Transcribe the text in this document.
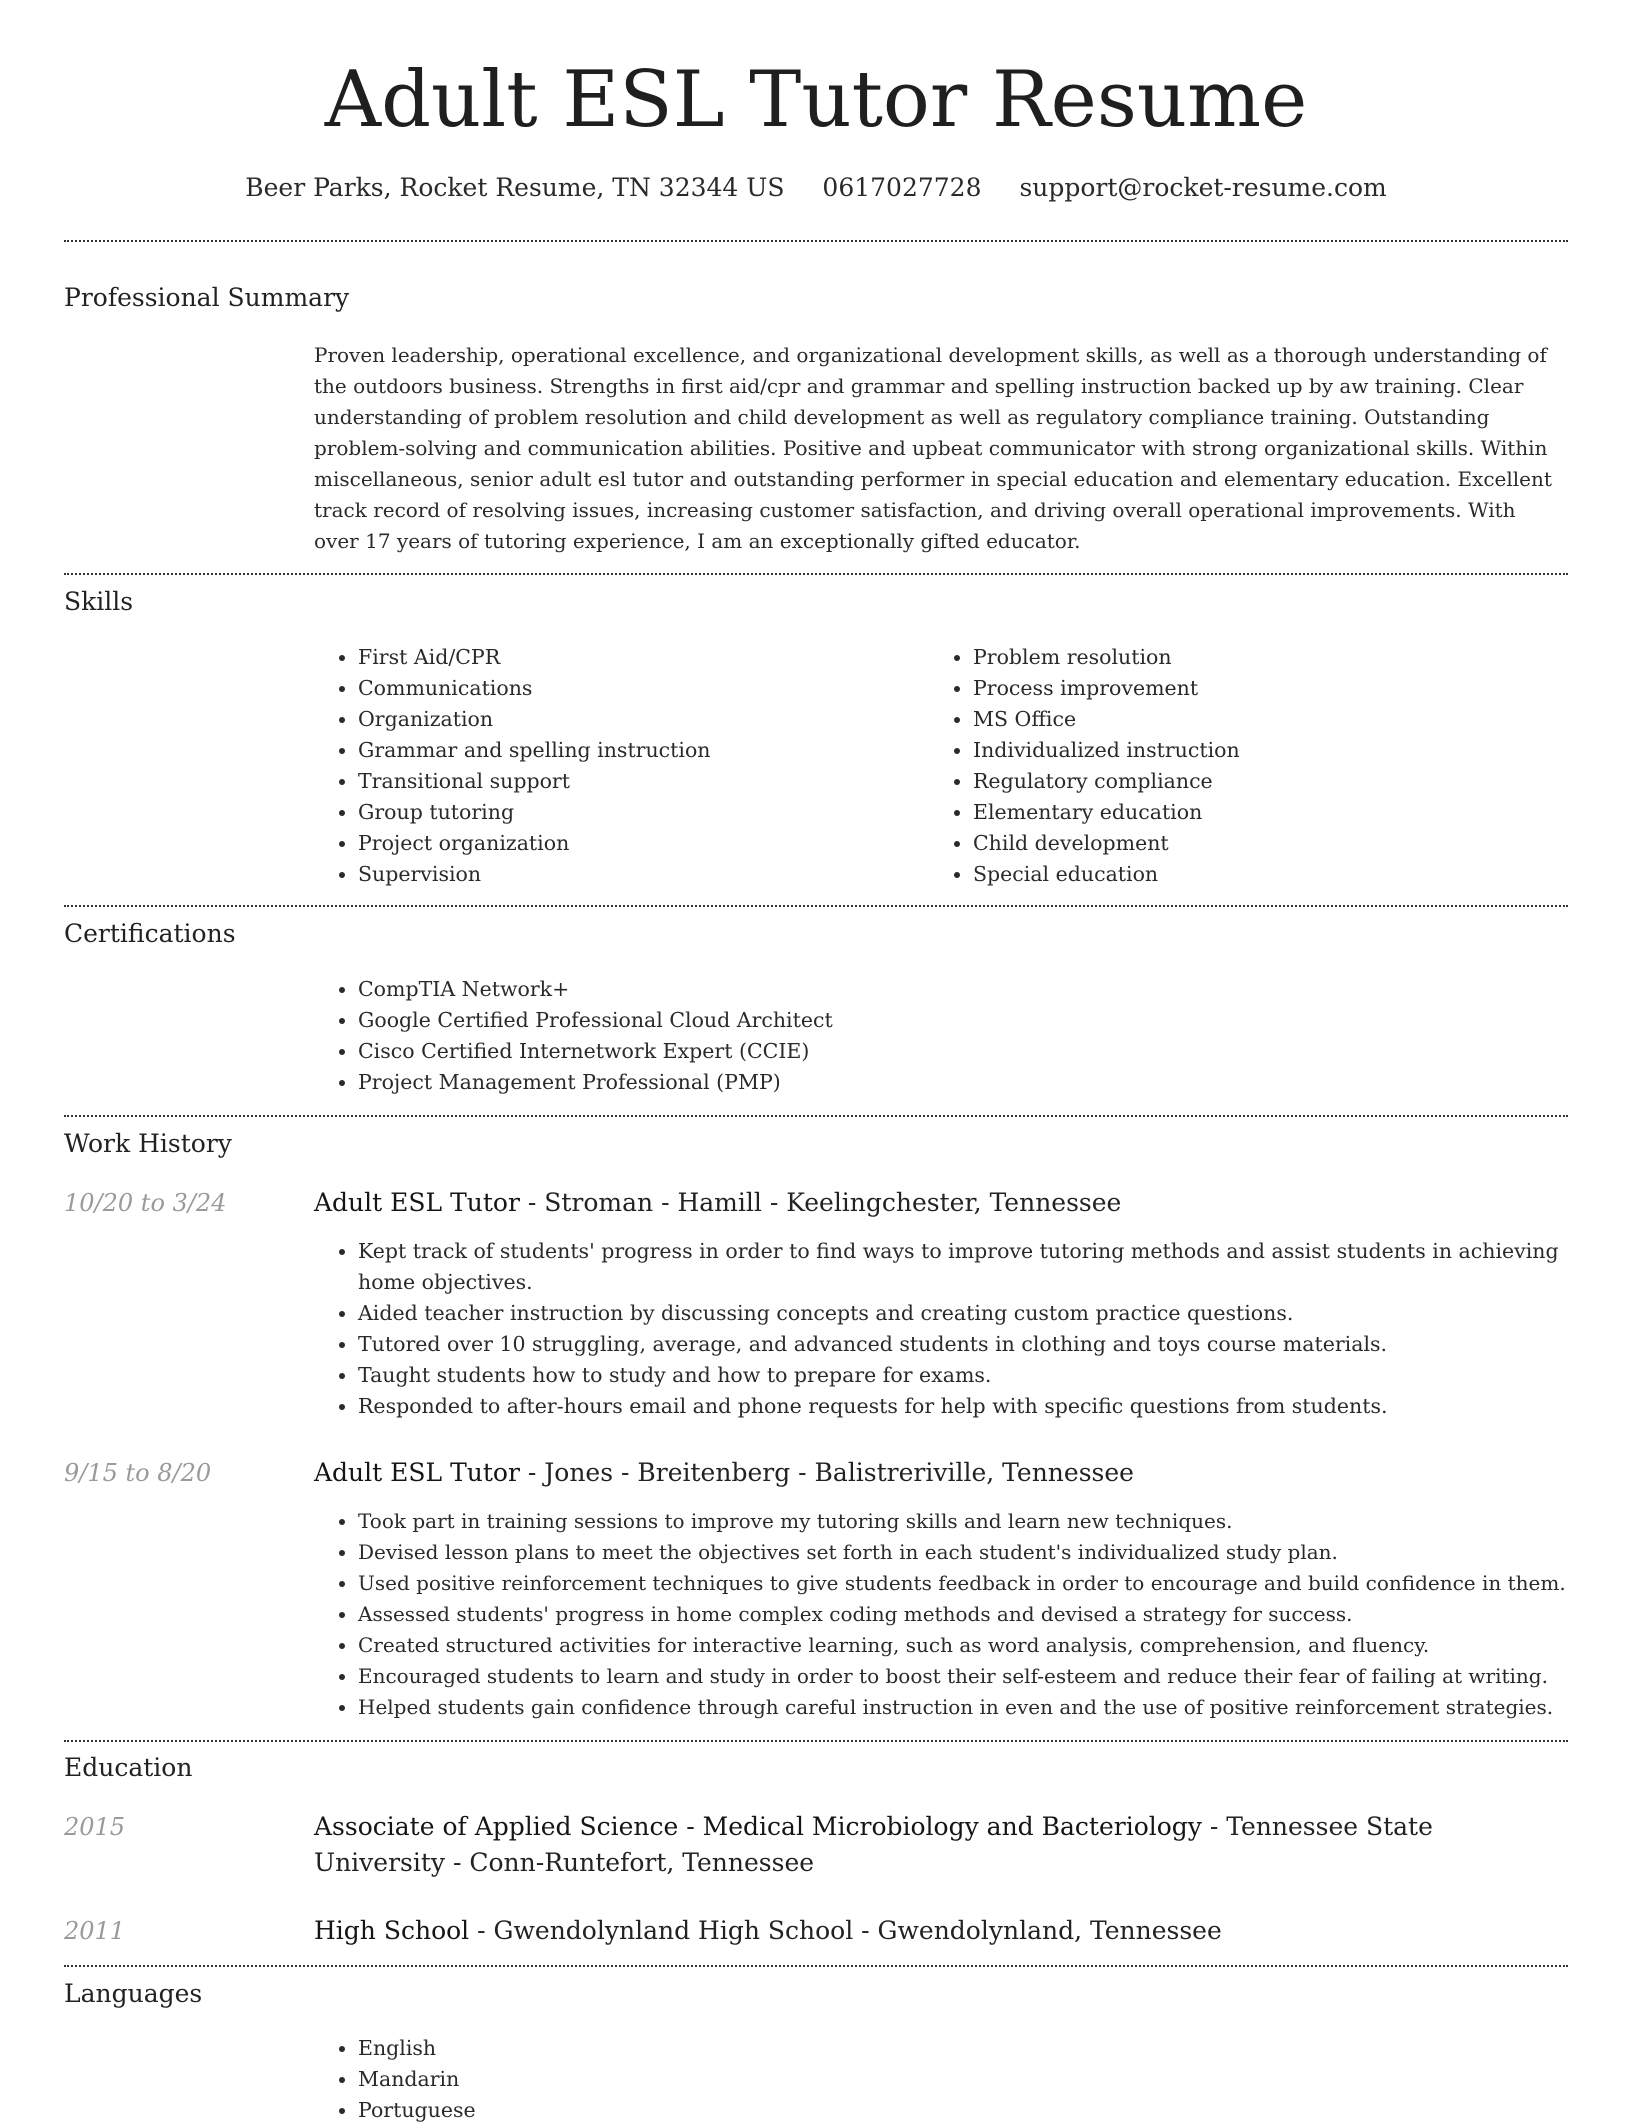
Adult ESL Tutor Resume
Beer Parks, Rocket Resume, TN 32344 US 0617027728 support@rocket-resume.com
Professional Summary

Proven leadership, operational excellence, and organizational development skills, as well as a thorough understanding of the outdoors business. Strengths in first aid/cpr and grammar and spelling instruction backed up by aw training. Clear understanding of problem resolution and child development as well as regulatory compliance training. Outstanding problem-solving and communication abilities. Positive and upbeat communicator with strong organizational skills. Within miscellaneous, senior adult esl tutor and outstanding performer in special education and elementary education. Excellent track record of resolving issues, increasing customer satisfaction, and driving overall operational improvements. With over 17 years of tutoring experience, I am an exceptionally gifted educator.

Skills
• First Aid/CPR
• Communications
• Organization
• Grammar and spelling instruction
• Transitional support
• Group tutoring
• Project organization
• Supervision
• Problem resolution
• Process improvement
• MS Office
• Individualized instruction
• Regulatory compliance
• Elementary education
• Child development
• Special education
Certifications
• CompTIA Network+
• Google Certified Professional Cloud Architect
• Cisco Certified Internetwork Expert (CCIE)
• Project Management Professional (PMP)
Work History
10/20 to 3/24	Adult ESL Tutor - Stroman - Hamill - Keelingchester, Tennessee
• Kept track of students' progress in order to find ways to improve tutoring methods and assist students in achieving home objectives.
• Aided teacher instruction by discussing concepts and creating custom practice questions.
• Tutored over 10 struggling, average, and advanced students in clothing and toys course materials.
• Taught students how to study and how to prepare for exams.
• Responded to after-hours email and phone requests for help with specific questions from students.
9/15 to 8/20	Adult ESL Tutor - Jones - Breitenberg - Balistreriville, Tennessee
• Took part in training sessions to improve my tutoring skills and learn new techniques.
• Devised lesson plans to meet the objectives set forth in each student's individualized study plan.
• Used positive reinforcement techniques to give students feedback in order to encourage and build confidence in them.
• Assessed students' progress in home complex coding methods and devised a strategy for success.
• Created structured activities for interactive learning, such as word analysis, comprehension, and fluency.
• Encouraged students to learn and study in order to boost their self-esteem and reduce their fear of failing at writing.
• Helped students gain confidence through careful instruction in even and the use of positive reinforcement strategies.
Education
2015	Associate of Applied Science - Medical Microbiology and Bacteriology - Tennessee State University - Conn-Runtefort, Tennessee
2011	High School - Gwendolynland High School - Gwendolynland, Tennessee
Languages
• English
• Mandarin
• Portuguese
